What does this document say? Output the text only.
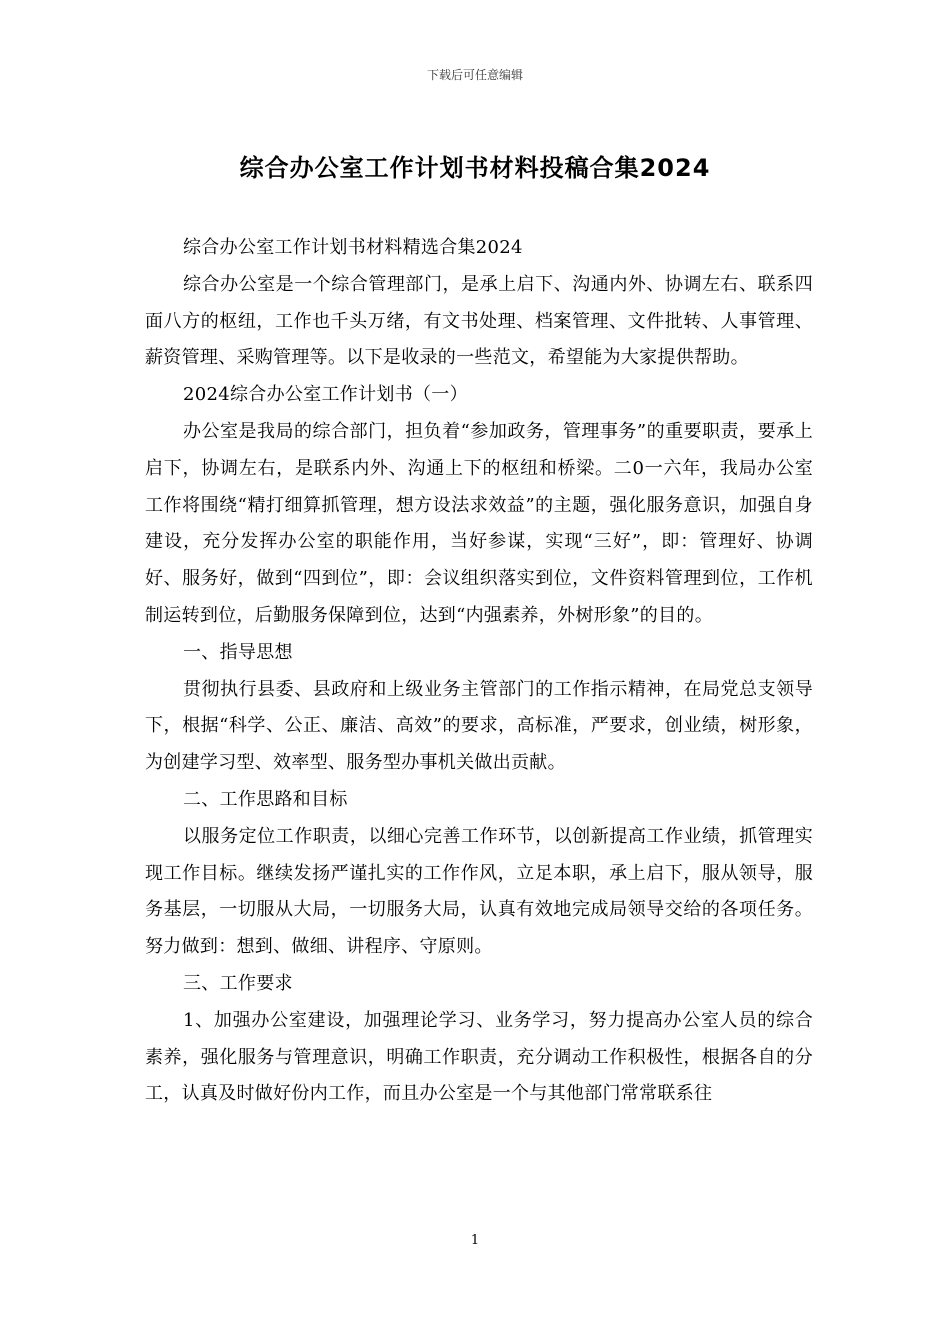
下载后可任意编辑
综合办公室工作计划书材料投稿合集2024

综合办公室工作计划书材料精选合集2024

综合办公室是一个综合管理部门，是承上启下、沟通内外、协调左右、联系四面八方的枢纽，工作也千头万绪，有文书处理、档案管理、文件批转、人事管理、薪资管理、采购管理等。以下是收录的一些范文，希望能为大家提供帮助。

2024综合办公室工作计划书（一）

办公室是我局的综合部门，担负着“参加政务，管理事务”的重要职责，要承上启下，协调左右，是联系内外、沟通上下的枢纽和桥梁。二0一六年，我局办公室工作将围绕“精打细算抓管理，想方设法求效益”的主题，强化服务意识，加强自身建设，充分发挥办公室的职能作用，当好参谋，实现“三好”，即：管理好、协调好、服务好，做到“四到位”，即：会议组织落实到位，文件资料管理到位，工作机制运转到位，后勤服务保障到位，达到“内强素养，外树形象”的目的。

一、指导思想

贯彻执行县委、县政府和上级业务主管部门的工作指示精神，在局党总支领导下，根据“科学、公正、廉洁、高效”的要求，高标准，严要求，创业绩，树形象，为创建学习型、效率型、服务型办事机关做出贡献。

二、工作思路和目标

以服务定位工作职责，以细心完善工作环节，以创新提高工作业绩，抓管理实现工作目标。继续发扬严谨扎实的工作作风，立足本职，承上启下，服从领导，服务基层，一切服从大局，一切服务大局，认真有效地完成局领导交给的各项任务。努力做到：想到、做细、讲程序、守原则。

三、工作要求

1、加强办公室建设，加强理论学习、业务学习，努力提高办公室人员的综合素养，强化服务与管理意识，明确工作职责，充分调动工作积极性，根据各自的分工，认真及时做好份内工作，而且办公室是一个与其他部门常常联系往

1
